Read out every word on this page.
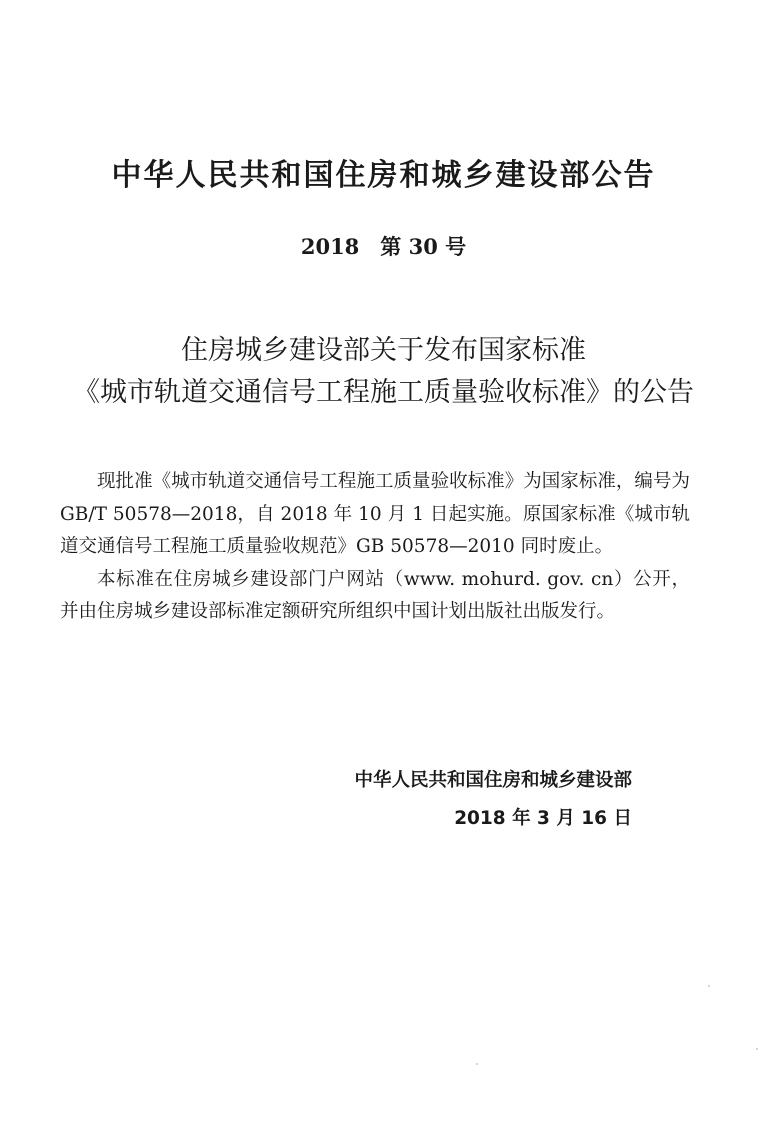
中华人民共和国住房和城乡建设部公告
2018　第 30 号
住房城乡建设部关于发布国家标准
《城市轨道交通信号工程施工质量验收标准》的公告

现批准《城市轨道交通信号工程施工质量验收标准》为国家标准，编号为 GB/T 50578—2018，自 2018 年 10 月 1 日起实施。原国家标准《城市轨道交通信号工程施工质量验收规范》GB 50578—2010 同时废止。

本标准在住房城乡建设部门户网站（www. mohurd. gov. cn）公开，并由住房城乡建设部标准定额研究所组织中国计划出版社出版发行。

中华人民共和国住房和城乡建设部
2018 年 3 月 16 日
